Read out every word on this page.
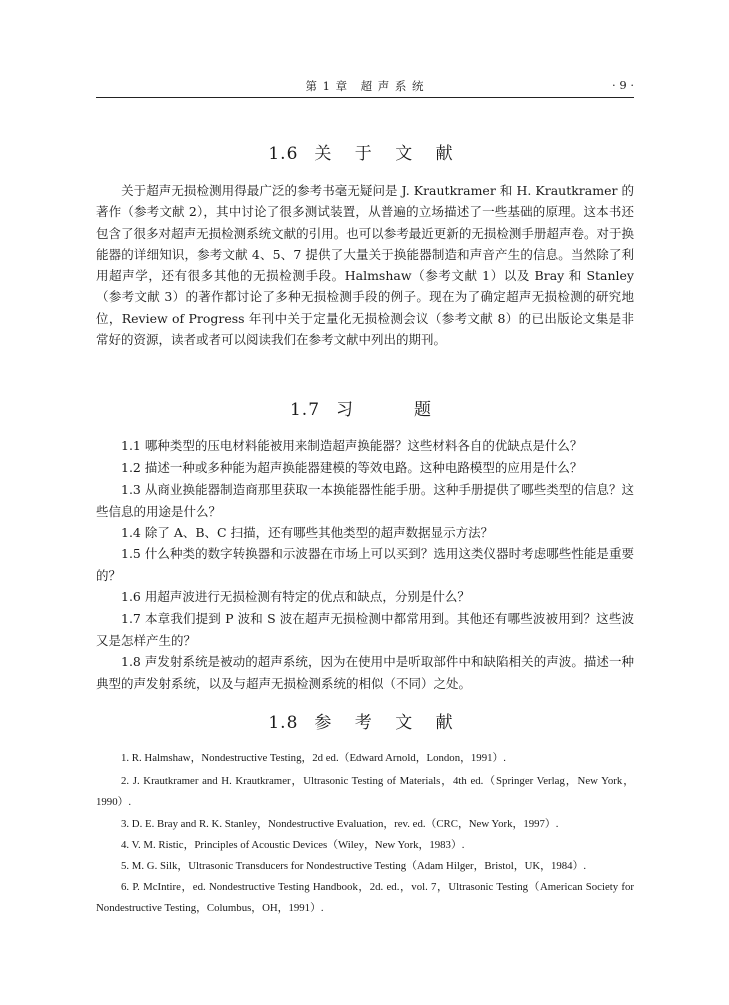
第 1 章　超 声 系 统	· 9 ·
1.6 关 于 文 献

关于超声无损检测用得最广泛的参考书毫无疑问是 J. Krautkramer 和 H. Krautkramer 的著作（参考文献 2），其中讨论了很多测试装置，从普遍的立场描述了一些基础的原理。这本书还包含了很多对超声无损检测系统文献的引用。也可以参考最近更新的无损检测手册超声卷。对于换能器的详细知识，参考文献 4、5、7 提供了大量关于换能器制造和声音产生的信息。当然除了利用超声学，还有很多其他的无损检测手段。Halmshaw（参考文献 1）以及 Bray 和 Stanley（参考文献 3）的著作都讨论了多种无损检测手段的例子。现在为了确定超声无损检测的研究地位，Review of Progress 年刊中关于定量化无损检测会议（参考文献 8）的已出版论文集是非常好的资源，读者或者可以阅读我们在参考文献中列出的期刊。

1.7 习　　题

1.1 哪种类型的压电材料能被用来制造超声换能器？这些材料各自的优缺点是什么？

1.2 描述一种或多种能为超声换能器建模的等效电路。这种电路模型的应用是什么？

1.3 从商业换能器制造商那里获取一本换能器性能手册。这种手册提供了哪些类型的信息？这些信息的用途是什么？

1.4 除了 A、B、C 扫描，还有哪些其他类型的超声数据显示方法？

1.5 什么种类的数字转换器和示波器在市场上可以买到？选用这类仪器时考虑哪些性能是重要的？

1.6 用超声波进行无损检测有特定的优点和缺点，分别是什么？

1.7 本章我们提到 P 波和 S 波在超声无损检测中都常用到。其他还有哪些波被用到？这些波又是怎样产生的？

1.8 声发射系统是被动的超声系统，因为在使用中是听取部件中和缺陷相关的声波。描述一种典型的声发射系统，以及与超声无损检测系统的相似（不同）之处。

1.8 参 考 文 献

1. R. Halmshaw，Nondestructive Testing，2d ed.（Edward Arnold，London，1991）.

2. J. Krautkramer and H. Krautkramer，Ultrasonic Testing of Materials，4th ed.（Springer Verlag，New York，1990）.

3. D. E. Bray and R. K. Stanley，Nondestructive Evaluation，rev. ed.（CRC，New York，1997）.

4. V. M. Ristic，Principles of Acoustic Devices（Wiley，New York，1983）.

5. M. G. Silk，Ultrasonic Transducers for Nondestructive Testing（Adam Hilger，Bristol，UK，1984）.

6. P. McIntire，ed. Nondestructive Testing Handbook，2d. ed.，vol. 7，Ultrasonic Testing（American Society for Nondestructive Testing，Columbus，OH，1991）.
